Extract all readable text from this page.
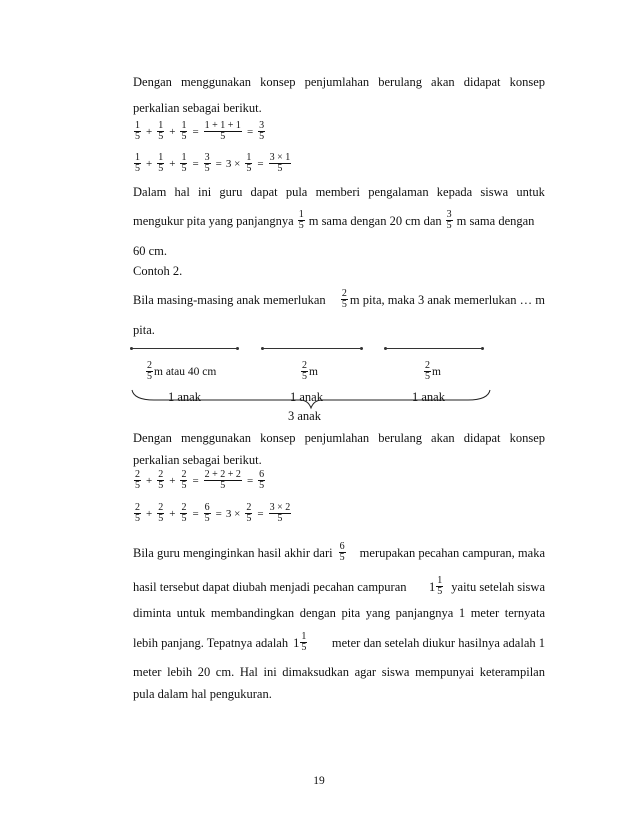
Dengan menggunakan konsep penjumlahan berulang akan didapat konsep
perkalian sebagai berikut.
1
$5 + \frac{1}{5} + \frac{1}{5} = \frac{1 + 1 + 1}{5} = \frac{3}{5}$
1
$5 + \frac{1}{5} + \frac{1}{5} = \frac{3}{5} = 3 \times \frac{1}{5} = \frac{3 \times 1}{5}$
Dalam hal ini guru dapat pula memberi pengalaman kepada siswa untuk
mengukur pita yang panjangnya 1
5 m sama dengan 20 cm dan 3
5 m sama dengan
60 cm.
Contoh 2.
Bila masing-masing anak memerlukan 2
5 m pita, maka 3 anak memerlukan … m
pita.
2
5 m atau 40 cm	2
5 m	2
5 m
1 anak	1 anak	1 anak
3 anak
Dengan menggunakan konsep penjumlahan berulang akan didapat konsep
perkalian sebagai berikut.
2
$5 + \frac{2}{5} + \frac{2}{5} = \frac{2 + 2 + 2}{5} = \frac{6}{5}$
2
$5 + \frac{2}{5} + \frac{2}{5} = \frac{6}{5} = 3 \times \frac{2}{5} = \frac{3 \times 2}{5}$
Bila guru menginginkan hasil akhir dari 6
5 merupakan pecahan campuran, maka
hasil tersebut dapat diubah menjadi pecahan campuran 1 1
5 yaitu setelah siswa
diminta untuk membandingkan dengan pita yang panjangnya 1 meter ternyata
lebih panjang. Tepatnya adalah 1 1
5 meter dan setelah diukur hasilnya adalah 1
meter lebih 20 cm. Hal ini dimaksudkan agar siswa mempunyai keterampilan
pula dalam hal pengukuran.
19
